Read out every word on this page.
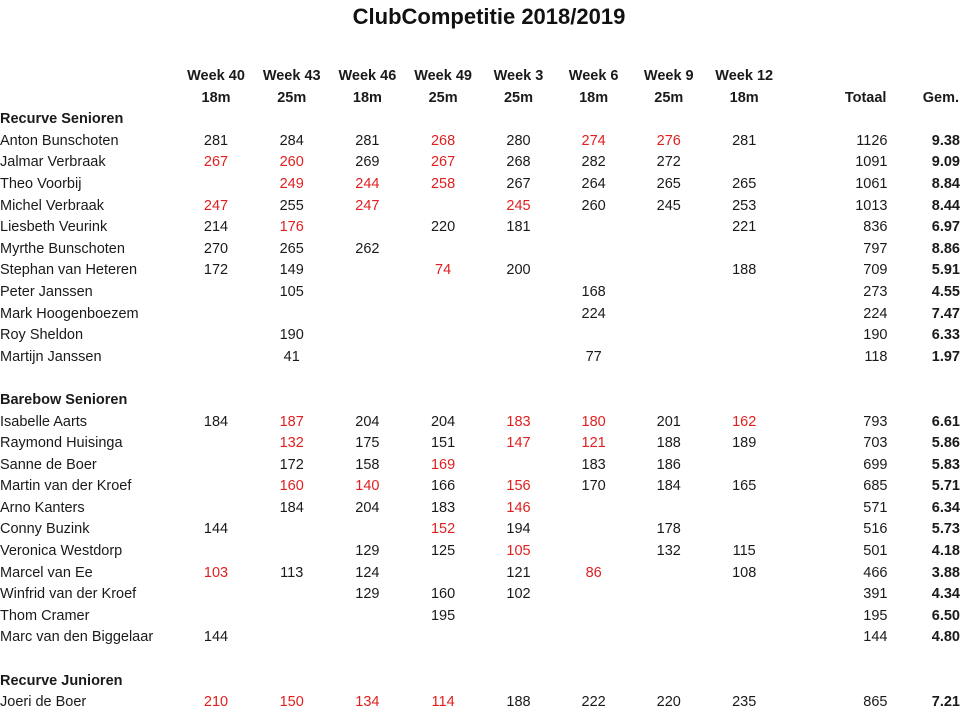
ClubCompetitie 2018/2019
	Week 40	Week 43	Week 46	Week 49	Week 3	Week 6	Week 9	Week 12		
	18m	25m	18m	25m	25m	18m	25m	18m	Totaal	Gem.
Recurve Senioren										
Anton Bunschoten	281	284	281	268	280	274	276	281	1126	9.38
Jalmar Verbraak	267	260	269	267	268	282	272		1091	9.09
Theo Voorbij		249	244	258	267	264	265	265	1061	8.84
Michel Verbraak	247	255	247		245	260	245	253	1013	8.44
Liesbeth Veurink	214	176		220	181			221	836	6.97
Myrthe Bunschoten	270	265	262						797	8.86
Stephan van Heteren	172	149		74	200			188	709	5.91
Peter Janssen		105				168			273	4.55
Mark Hoogenboezem						224			224	7.47
Roy Sheldon		190							190	6.33
Martijn Janssen		41				77			118	1.97

Barebow Senioren										
Isabelle Aarts	184	187	204	204	183	180	201	162	793	6.61
Raymond Huisinga		132	175	151	147	121	188	189	703	5.86
Sanne de Boer		172	158	169		183	186		699	5.83
Martin van der Kroef		160	140	166	156	170	184	165	685	5.71
Arno Kanters		184	204	183	146				571	6.34
Conny Buzink	144			152	194		178		516	5.73
Veronica Westdorp			129	125	105		132	115	501	4.18
Marcel van Ee	103	113	124		121	86		108	466	3.88
Winfrid van der Kroef			129	160	102				391	4.34
Thom Cramer				195					195	6.50
Marc van den Biggelaar	144								144	4.80

Recurve Junioren										
Joeri de Boer	210	150	134	114	188	222	220	235	865	7.21
